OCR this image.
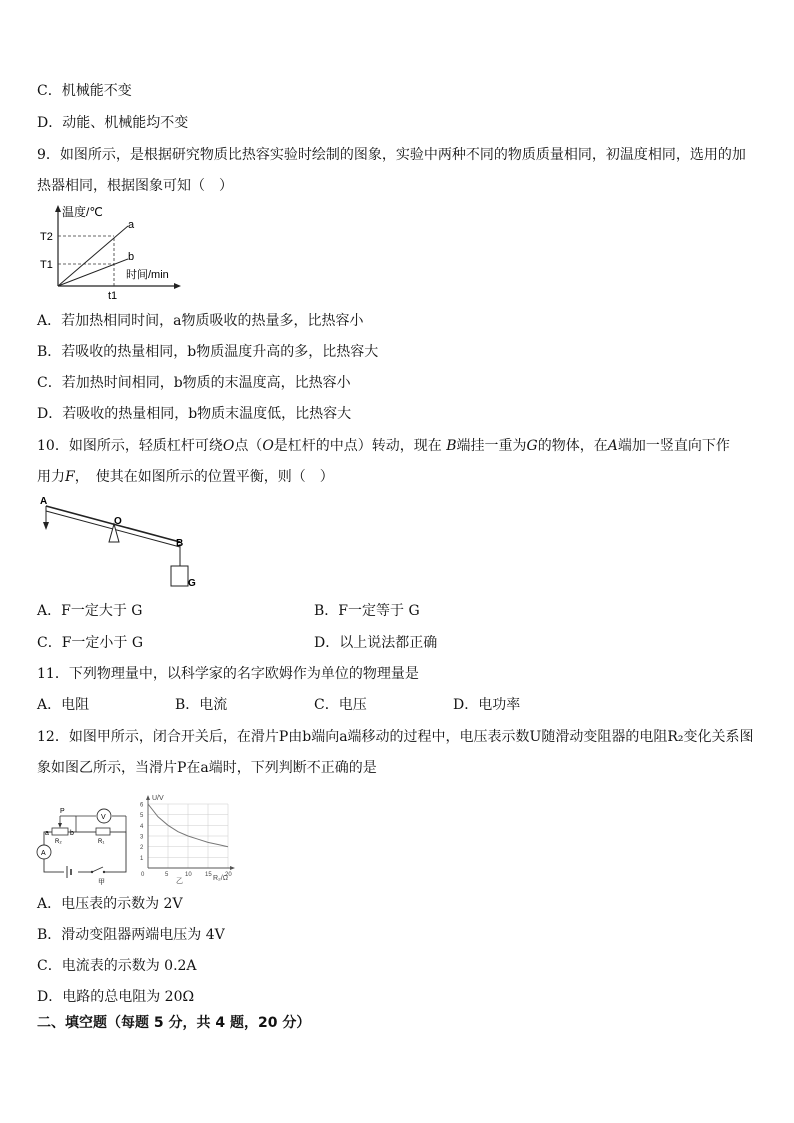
C．机械能不变
D．动能、机械能均不变
9．如图所示，是根据研究物质比热容实验时绘制的图象，实验中两种不同的物质质量相同，初温度相同，选用的加热器相同，根据图象可知（　）
温度/℃
T2
T1
t1
a
b
时间/min
A．若加热相同时间，a物质吸收的热量多，比热容小
B．若吸收的热量相同，b物质温度升高的多，比热容大
C．若加热时间相同，b物质的末温度高，比热容小
D．若吸收的热量相同，b物质末温度低，比热容大
10．如图所示，轻质杠杆可绕O点（O是杠杆的中点）转动，现在 B端挂一重为G的物体，在A端加一竖直向下作
用力F，　使其在如图所示的位置平衡，则（　）
A
O
B
G
A．F一定大于 G	B．F一定等于 G
C．F一定小于 G	D．以上说法都正确
11．下列物理量中，以科学家的名字欧姆作为单位的物理量是
A．电阻	B．电流	C．电压	D．电功率
12．如图甲所示，闭合开关后，在滑片P由b端向a端移动的过程中，电压表示数U随滑动变阻器的电阻R₂变化关系图象如图乙所示，当滑片P在a端时，下列判断不正确的是
P
a	b
R₂	R₁
V
A
甲
U/V
6
5
4
3
2
1
0	5	10 15 20
R₂/Ω
乙
A．电压表的示数为 2V
B．滑动变阻器两端电压为 4V
C．电流表的示数为 0.2A
D．电路的总电阻为 20Ω
二、填空题（每题 5 分，共 4 题，20 分）
